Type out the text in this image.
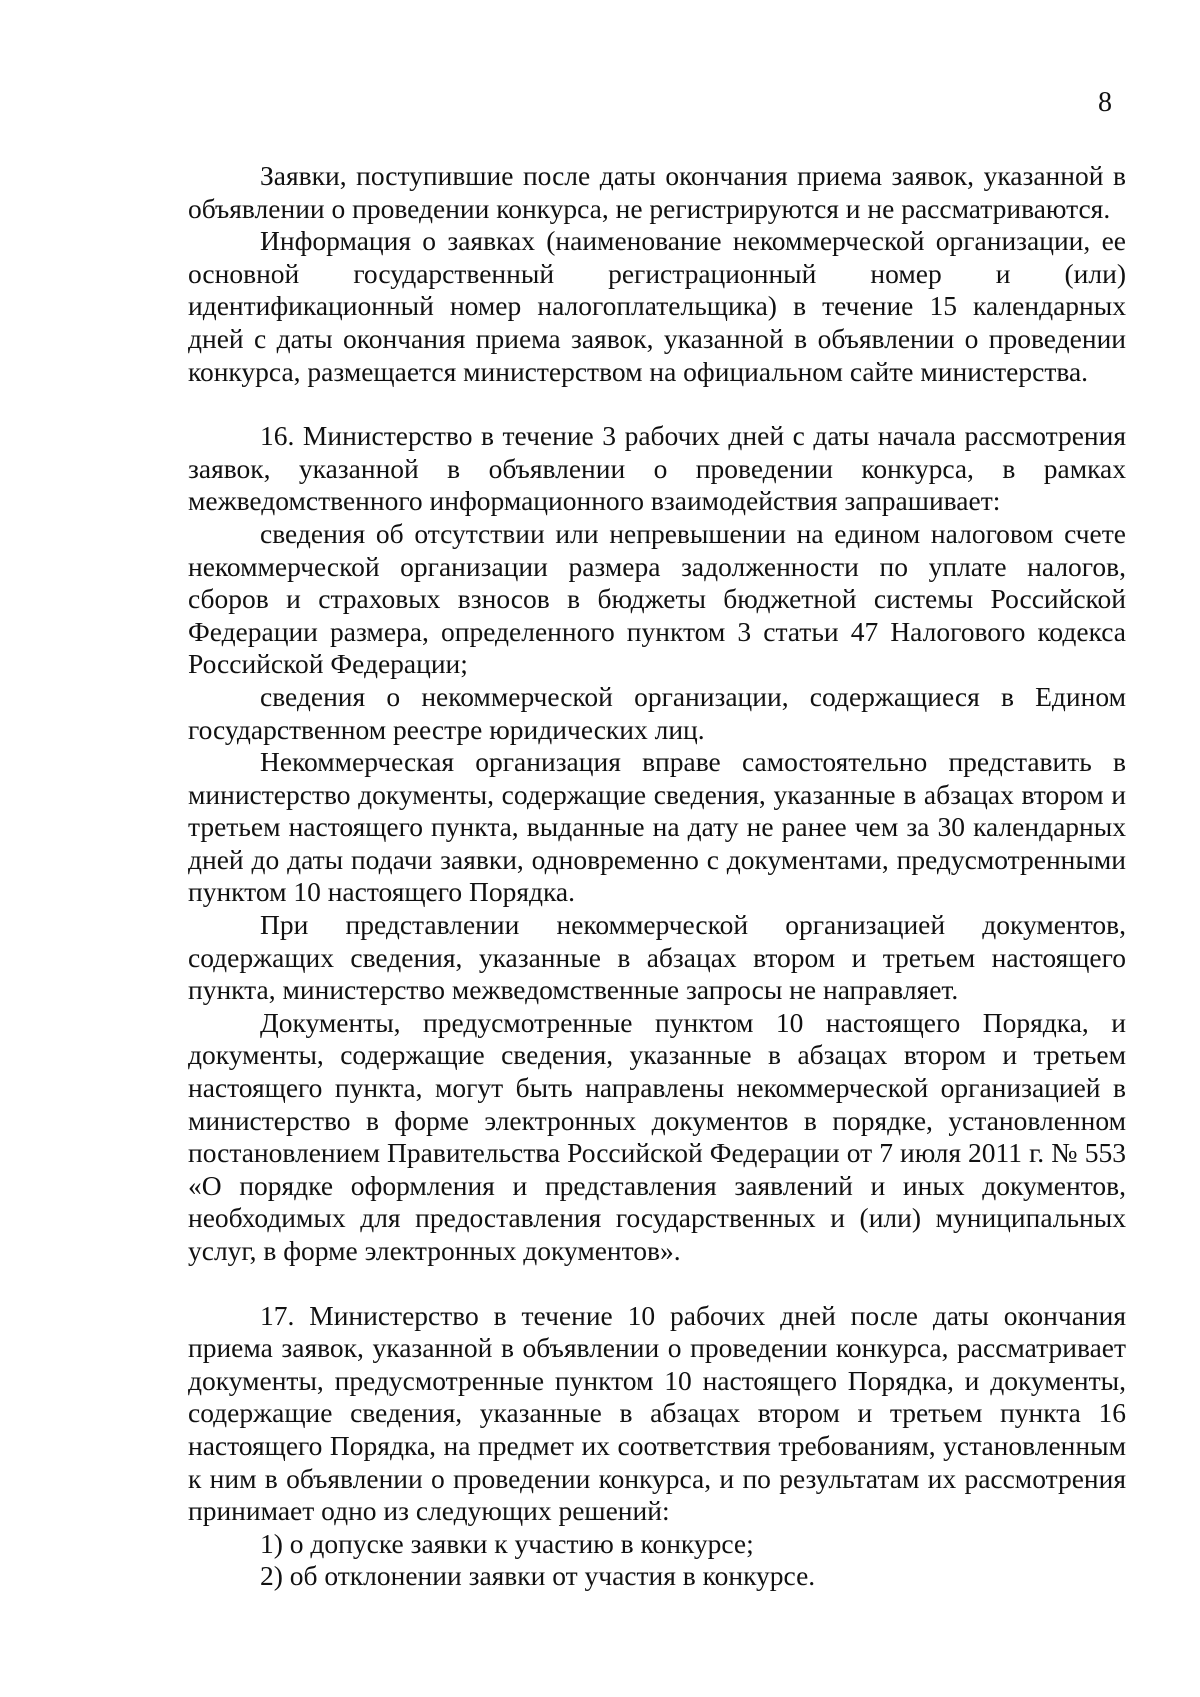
8

Заявки, поступившие после даты окончания приема заявок, указанной в объявлении о проведении конкурса, не регистрируются и не рассматриваются.

Информация о заявках (наименование некоммерческой организации, ее основной государственный регистрационный номер и (или) идентификационный номер налогоплательщика) в течение 15 календарных дней с даты окончания приема заявок, указанной в объявлении о проведении конкурса, размещается министерством на официальном сайте министерства.

16. Министерство в течение 3 рабочих дней с даты начала рассмотрения заявок, указанной в объявлении о проведении конкурса, в рамках межведомственного информационного взаимодействия запрашивает:

сведения об отсутствии или непревышении на едином налоговом счете некоммерческой организации размера задолженности по уплате налогов, сборов и страховых взносов в бюджеты бюджетной системы Российской Федерации размера, определенного пунктом 3 статьи 47 Налогового кодекса Российской Федерации;

сведения о некоммерческой организации, содержащиеся в Едином государственном реестре юридических лиц.

Некоммерческая организация вправе самостоятельно представить в министерство документы, содержащие сведения, указанные в абзацах втором и третьем настоящего пункта, выданные на дату не ранее чем за 30 календарных дней до даты подачи заявки, одновременно с документами, предусмотренными пунктом 10 настоящего Порядка.

При представлении некоммерческой организацией документов, содержащих сведения, указанные в абзацах втором и третьем настоящего пункта, министерство межведомственные запросы не направляет.

Документы, предусмотренные пунктом 10 настоящего Порядка, и документы, содержащие сведения, указанные в абзацах втором и третьем настоящего пункта, могут быть направлены некоммерческой организацией в министерство в форме электронных документов в порядке, установленном постановлением Правительства Российской Федерации от 7 июля 2011 г. № 553 «О порядке оформления и представления заявлений и иных документов, необходимых для предоставления государственных и (или) муниципальных услуг, в форме электронных документов».

17. Министерство в течение 10 рабочих дней после даты окончания приема заявок, указанной в объявлении о проведении конкурса, рассматривает документы, предусмотренные пунктом 10 настоящего Порядка, и документы, содержащие сведения, указанные в абзацах втором и третьем пункта 16 настоящего Порядка, на предмет их соответствия требованиям, установленным к ним в объявлении о проведении конкурса, и по результатам их рассмотрения принимает одно из следующих решений:

1) о допуске заявки к участию в конкурсе;

2) об отклонении заявки от участия в конкурсе.
